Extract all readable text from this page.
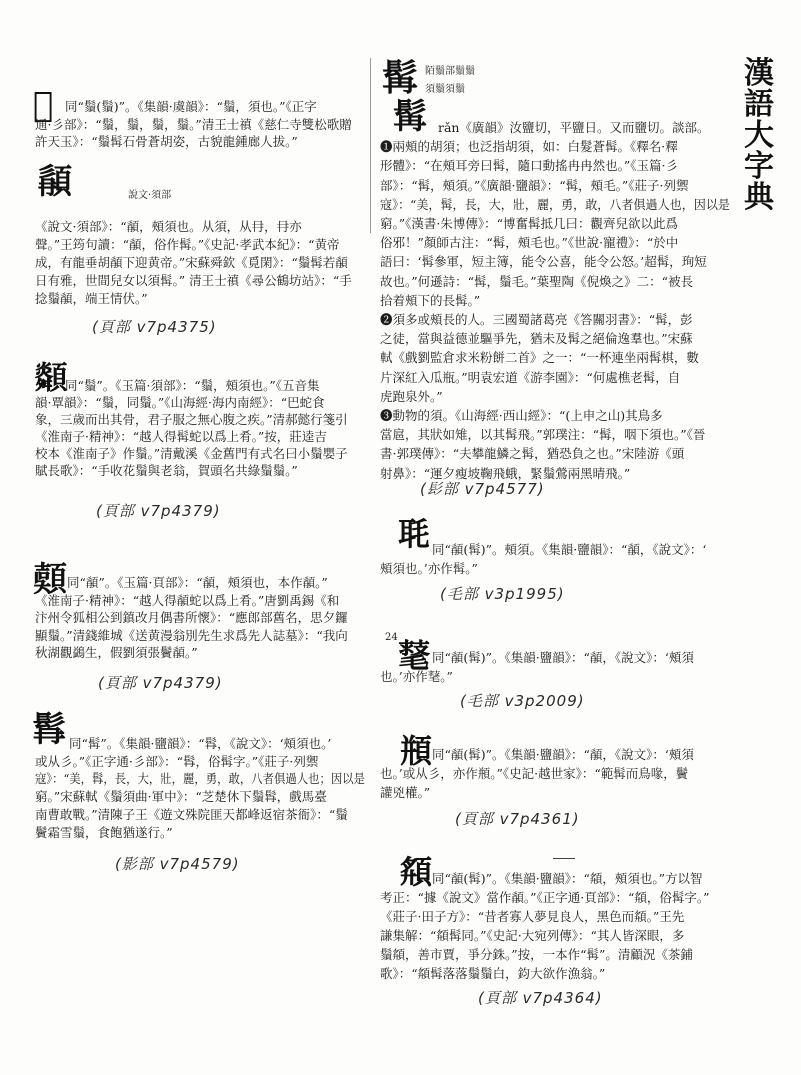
漢
語
大
字
典
𩓩 同“鬚(鬚)”。《集韻·虞韻》：“鬚，須也。”《正字
通·彡部》：“鬚，鬚，鬚，鬚。”清王士禛《慈仁寺雙松歌贈
許天玉》：“鬚髯石骨蒼胡姿，古貌龍鍾廊人拔。”
䫇	說文·須部
《說文·須部》：“䫇，頰須也。从須，从冄，冄亦
聲。”王筠句讀：“䫇，俗作髯。”《史記·孝武本紀》：“黄帝
成，有龍垂胡䫇下迎黄帝。”宋蘇舜欽《覓閑》：“鬚髯若䫇
日有雅，世間兒女以須髯。” 清王士禛《尋公鶴坊站》：“手
捻鬚䫇，端王情伏。”
(頁部 v7p4375)
𩕶
同“鬚”。《玉篇·須部》：“鬚，頰須也。”《五音集
韻·覃韻》：“鬚，同鬚。”《山海經·海内南經》：“巴蛇食
象，三歲而出其骨，君子服之無心腹之疾。”清郝懿行箋引
《淮南子·精神》：“越人得髯蛇以爲上肴。”按，莊逵吉
校本《淮南子》作鬚。”清戴溪《金舊門有式名曰小鬚嬰子
賦長歌》：“手收花鬚與老翁，賀頭名共綠鬚鬚。”
(頁部 v7p4379)
𩔄 同“䫇”。《玉篇·頁部》：“䫇，頰須也，本作䫇。”
《淮南子·精神》：“越人得䫇蛇以爲上肴。”唐劉禹錫《和
汴州令狐相公到鎮改月偶書所懷》：“應郎部舊名，思夕鑼
顯鬚。”清錢維城《送黄漫翁別先生求爲先人誌墓》：“我向
秋湖觀鷁生，假劉須張鬢䫇。”
(頁部 v7p4379)
髥 同“髯”。《集韻·鹽韻》：“髥，《說文》：‘頰須也。’
或从彡。”《正字通·彡部》：“髥，俗髯字。”《莊子·列禦
寇》：“美，髥，長，大，壯，麗，勇，敢，八者俱過人也；因以是
窮。”宋蘇軾《鬚須曲·軍中》：“芝楚休下鬚髥，戲馬臺
南曹敢戰。”清陳子王《遊文殊院匪天都峰返宿茶衙》：“鬚
鬢霜雪鬚，食飽猶遂行。”
(影部 v7p4579)
髯 陌鬚部鬚鬚
須鬚須鬚
髯 rǎn《廣韻》汝鹽切，平鹽日。又而鹽切。談部。
❶兩頰的胡須；也泛指胡須，如：白髮蒼髯。《釋名·釋
形體》：“在頰耳旁曰髯，隨口動搖冉冉然也。”《玉篇·彡
部》：“髯，頰須。”《廣韻·鹽韻》：“髯，頰毛。”《莊子·列禦
寇》：“美，髯，長，大，壯，麗，勇，敢，八者俱過人也，因以是
窮。”《漢書·朱博傳》：“博奮髯抵几曰：觀齊兒欲以此爲
俗邪！”顏師古注：“髯，頰毛也。”《世說·寵禮》：“於中
語曰：‘髯參軍，短主簿，能令公喜，能令公怒。’超髯，珣短
故也。”何遜詩：“髯，鬚毛。”葉聖陶《倪煥之》二：“被長
拾着頰下的長髯。”
❷須多或頰長的人。三國蜀諸葛亮《答關羽書》：“髯，彭
之徒，當與益德並驅爭先，猶未及髯之絕倫逸羣也。”宋蘇
軾《戲劉監倉求米粉餅二首》之一：“一杯連坐兩髯棋，數
片深紅入瓜瓶。”明袁宏道《游李園》：“何處樵老髯，自
虎跑泉外。”
❸動物的須。《山海經·西山經》：“(上申之山)其鳥多
當扈，其狀如雉，以其髯飛。”郭璞注：“髯，咽下須也。”《晉
書·郭璞傳》：“夫攀龍鱗之髯，猶恐負之也。”宋陸游《頭
射鼻》：“運夕瘦坡鞠飛蛾，緊鬚鶯兩黑晴飛。”
(髟部 v7p4577)
毦 同“䫇(髯)”。頰須。《集韻·鹽韻》：“䫇，《說文》：‘
頰須也。’亦作髯。”
(毛部 v3p1995)
24 𣯕 同“䫇(髯)”。《集韻·鹽韻》：“䫇，《說文》：‘頰須
也。’亦作𣯕。”
(毛部 v3p2009)
頩 同“䫇(髯)”。《集韻·鹽韻》：“䫇，《說文》：‘頰須
也。’或从彡，亦作頩。”《史記·越世家》：“範髯而鳥喙，鬢
讙兇權。”
(頁部 v7p4361)
頯 同“䫇(髯)”。《集韻·鹽韻》：“頯，頰須也。”方以智
考正：“據《說文》當作䫇。”《正字通·頁部》：“頯，俗髯字。”
《莊子·田子方》：“昔者寡人夢見良人，黑色而頯。”王先
謙集解：“頯髯同。”《史記·大宛列傳》：“其人皆深眼，多
鬚頯，善市賈，爭分銖。”按，一本作“髯”。清顧況《茶鋪
歌》：“頯髯落落鬚鬚白，鈞大欲作漁翁。”
(頁部 v7p4364)
